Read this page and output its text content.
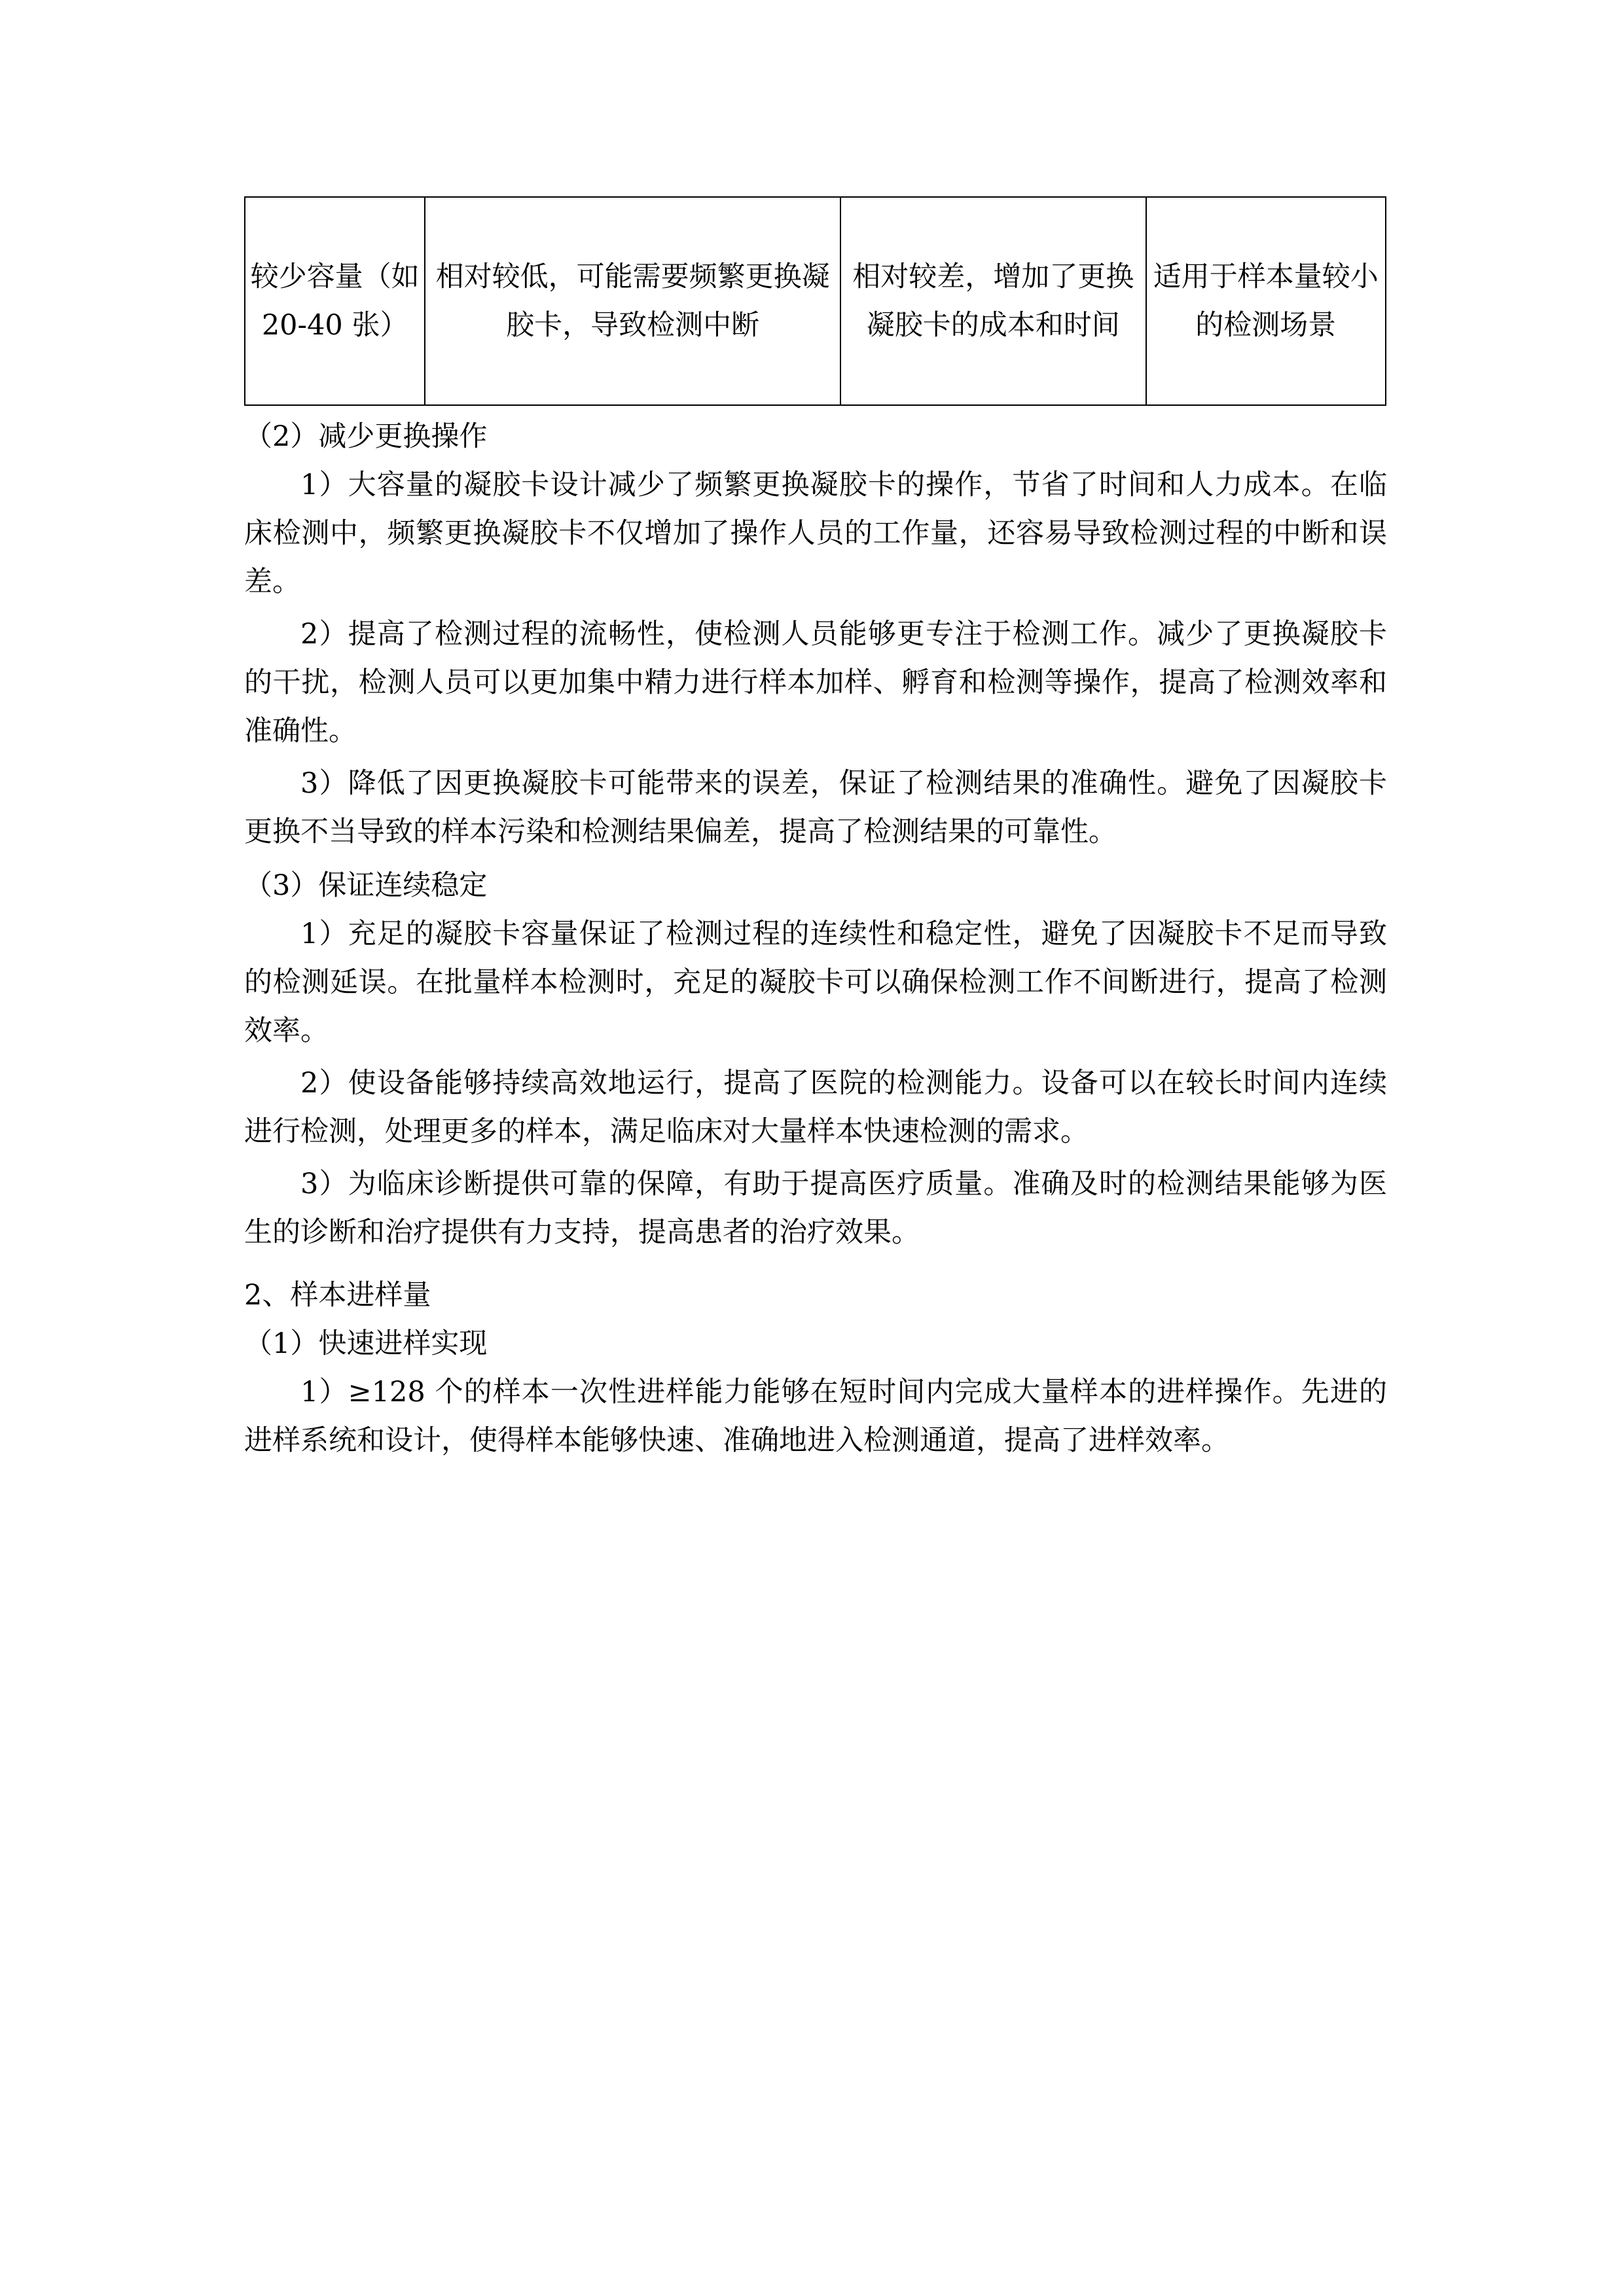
较少容量（如 20-40 张）	相对较低，可能需要频繁更换凝胶卡，导致检测中断	相对较差，增加了更换凝胶卡的成本和时间	适用于样本量较小的检测场景

（2）减少更换操作

1）大容量的凝胶卡设计减少了频繁更换凝胶卡的操作，节省了时间和人力成本。在临床检测中，频繁更换凝胶卡不仅增加了操作人员的工作量，还容易导致检测过程的中断和误差。

2）提高了检测过程的流畅性，使检测人员能够更专注于检测工作。减少了更换凝胶卡的干扰，检测人员可以更加集中精力进行样本加样、孵育和检测等操作，提高了检测效率和准确性。

3）降低了因更换凝胶卡可能带来的误差，保证了检测结果的准确性。避免了因凝胶卡更换不当导致的样本污染和检测结果偏差，提高了检测结果的可靠性。

（3）保证连续稳定

1）充足的凝胶卡容量保证了检测过程的连续性和稳定性，避免了因凝胶卡不足而导致的检测延误。在批量样本检测时，充足的凝胶卡可以确保检测工作不间断进行，提高了检测效率。

2）使设备能够持续高效地运行，提高了医院的检测能力。设备可以在较长时间内连续进行检测，处理更多的样本，满足临床对大量样本快速检测的需求。

3）为临床诊断提供可靠的保障，有助于提高医疗质量。准确及时的检测结果能够为医生的诊断和治疗提供有力支持，提高患者的治疗效果。

2、样本进样量

（1）快速进样实现

1）≥128 个的样本一次性进样能力能够在短时间内完成大量样本的进样操作。先进的进样系统和设计，使得样本能够快速、准确地进入检测通道，提高了进样效率。
